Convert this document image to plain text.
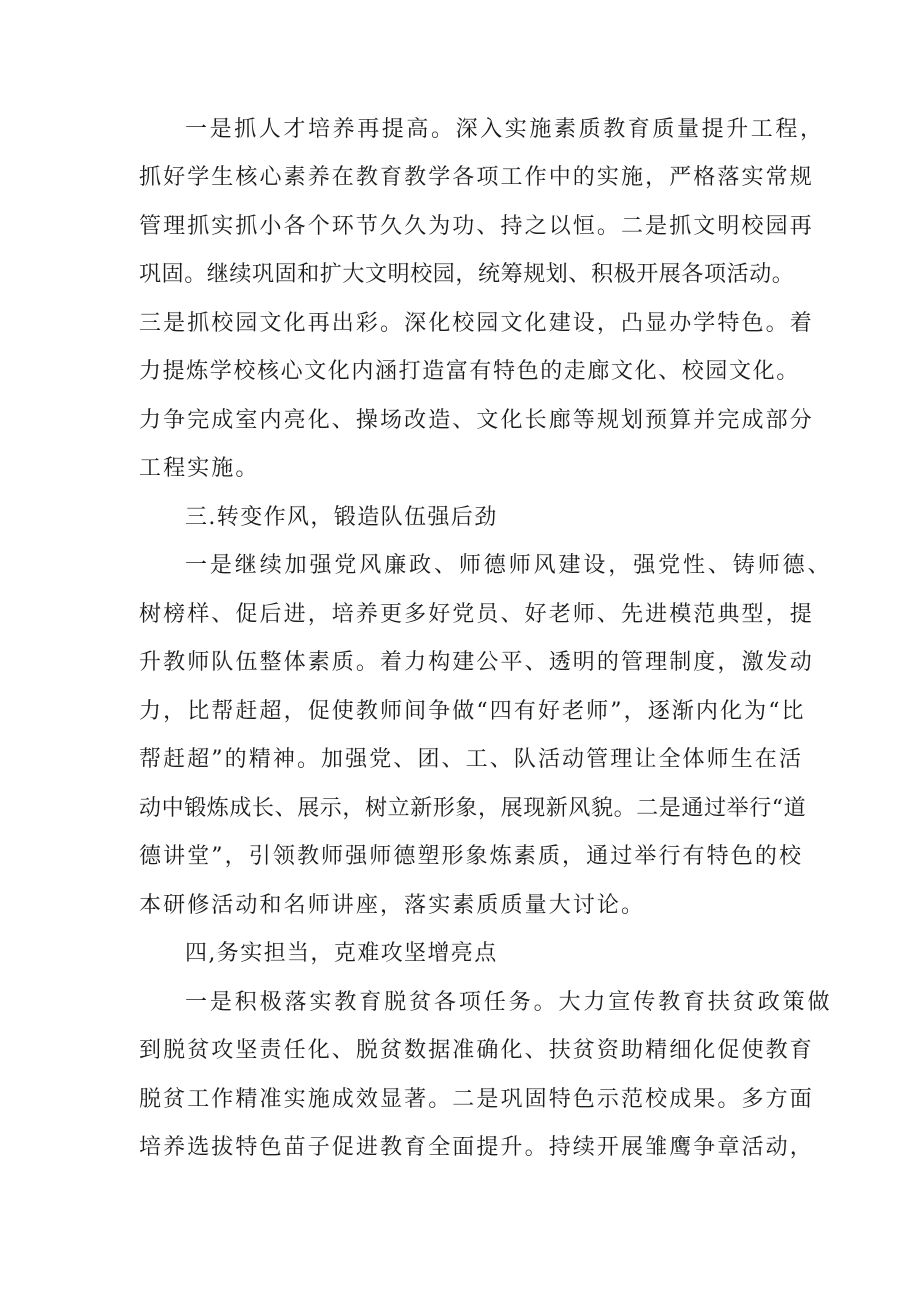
一是抓人才培养再提高。深入实施素质教育质量提升工程，
抓好学生核心素养在教育教学各项工作中的实施，严格落实常规
管理抓实抓小各个环节久久为功、持之以恒。二是抓文明校园再
巩固。继续巩固和扩大文明校园，统筹规划、积极开展各项活动。
三是抓校园文化再出彩。深化校园文化建设，凸显办学特色。着
力提炼学校核心文化内涵打造富有特色的走廊文化、校园文化。
力争完成室内亮化、操场改造、文化长廊等规划预算并完成部分
工程实施。
三.转变作风，锻造队伍强后劲
一是继续加强党风廉政、师德师风建设，强党性、铸师德、
树榜样、促后进，培养更多好党员、好老师、先进模范典型，提
升教师队伍整体素质。着力构建公平、透明的管理制度，激发动
力，比帮赶超，促使教师间争做“四有好老师”，逐渐内化为“比
帮赶超”的精神。加强党、团、工、队活动管理让全体师生在活
动中锻炼成长、展示，树立新形象，展现新风貌。二是通过举行“道
德讲堂”，引领教师强师德塑形象炼素质，通过举行有特色的校
本研修活动和名师讲座，落实素质质量大讨论。
四,务实担当，克难攻坚增亮点
一是积极落实教育脱贫各项任务。大力宣传教育扶贫政策做
到脱贫攻坚责任化、脱贫数据准确化、扶贫资助精细化促使教育
脱贫工作精准实施成效显著。二是巩固特色示范校成果。多方面
培养选拔特色苗子促进教育全面提升。持续开展雏鹰争章活动，
